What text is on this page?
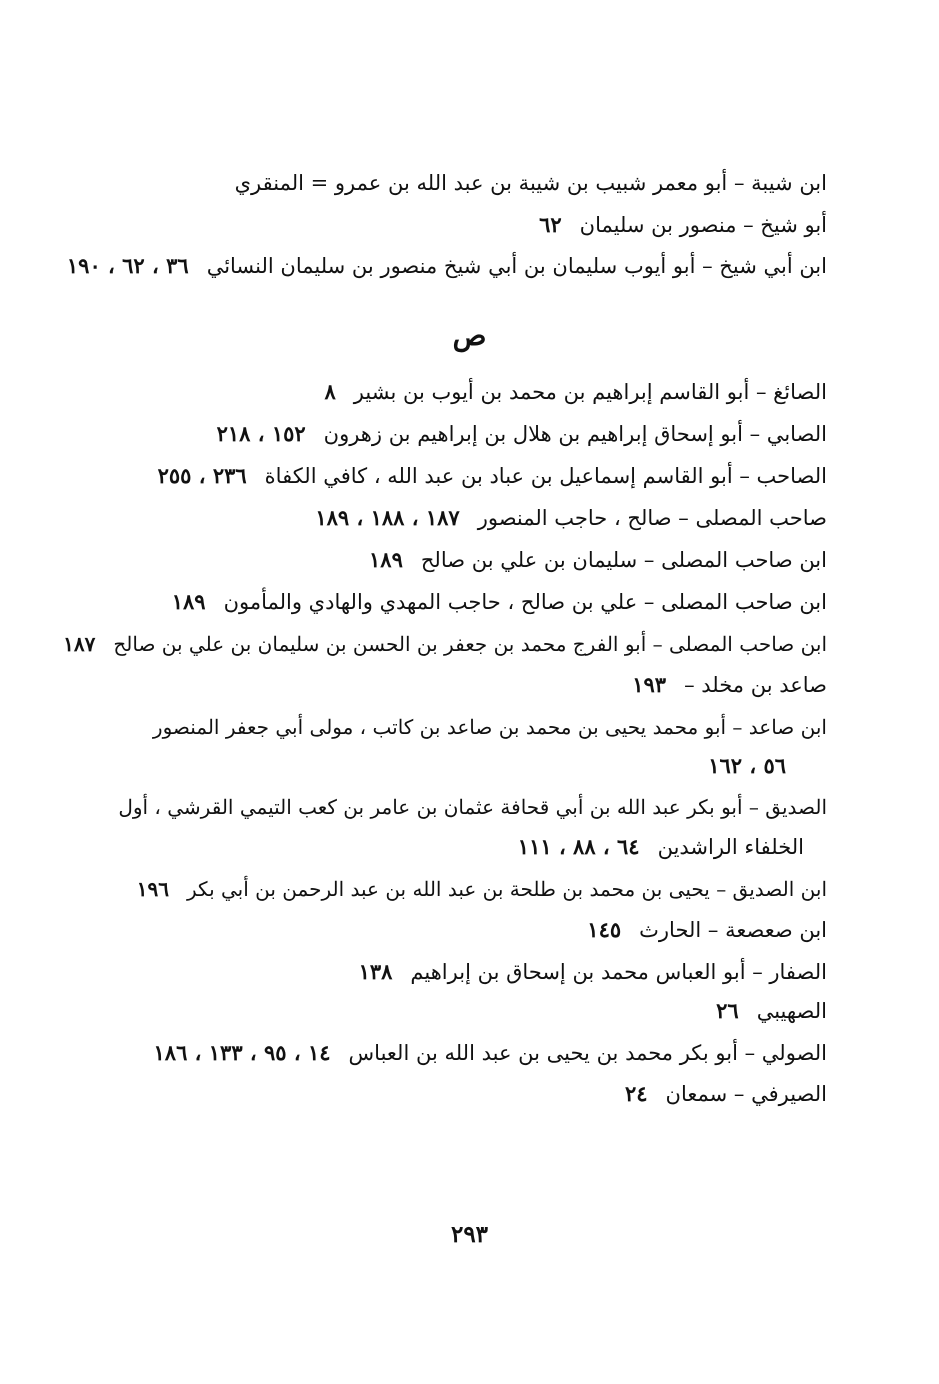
ابن شيبة – أبو معمر شبيب بن شيبة بن عبد الله بن عمرو = المنقري
أبو شيخ – منصور بن سليمان٦٢
ابن أبي شيخ – أبو أيوب سليمان بن أبي شيخ منصور بن سليمان النسائي٣٦ ، ٦٢ ، ١٩٠
ص
الصائغ – أبو القاسم إبراهيم بن محمد بن أيوب بن بشير٨
الصابي – أبو إسحاق إبراهيم بن هلال بن إبراهيم بن زهرون١٥٢ ، ٢١٨
الصاحب – أبو القاسم إسماعيل بن عباد بن عبد الله ، كافي الكفاة٢٣٦ ، ٢٥٥
صاحب المصلى – صالح ، حاجب المنصور١٨٧ ، ١٨٨ ، ١٨٩
ابن صاحب المصلى – سليمان بن علي بن صالح١٨٩
ابن صاحب المصلى – علي بن صالح ، حاجب المهدي والهادي والمأمون١٨٩
ابن صاحب المصلى – أبو الفرج محمد بن جعفر بن الحسن بن سليمان بن علي بن صالح١٨٧
صاعد بن مخلد –١٩٣
ابن صاعد – أبو محمد يحيى بن محمد بن صاعد بن كاتب ، مولى أبي جعفر المنصور
٥٦ ، ١٦٢
الصديق – أبو بكر عبد الله بن أبي قحافة عثمان بن عامر بن كعب التيمي القرشي ، أول
الخلفاء الراشدين٦٤ ، ٨٨ ، ١١١
ابن الصديق – يحيى بن محمد بن طلحة بن عبد الله بن عبد الرحمن بن أبي بكر١٩٦
ابن صعصعة – الحارث١٤٥
الصفار – أبو العباس محمد بن إسحاق بن إبراهيم١٣٨
الصهيبي٢٦
الصولي – أبو بكر محمد بن يحيى بن عبد الله بن العباس١٤ ، ٩٥ ، ١٣٣ ، ١٨٦
الصيرفي – سمعان٢٤
٢٩٣
